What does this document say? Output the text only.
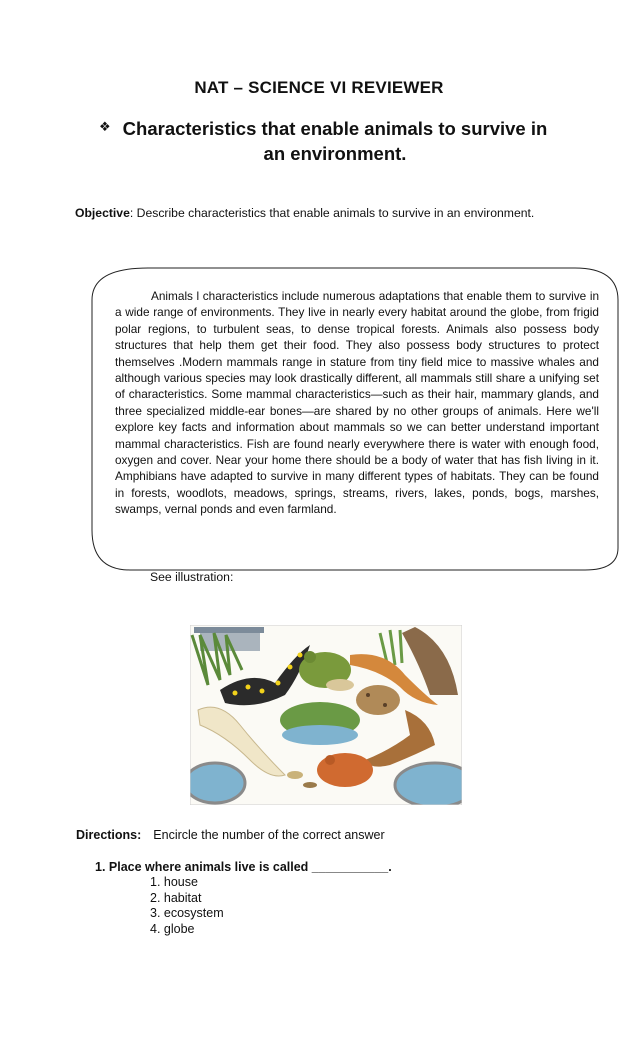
NAT – SCIENCE VI REVIEWER
❖ Characteristics that enable animals to survive in
an environment.
Objective: Describe characteristics that enable animals to survive in an environment.
Animals l characteristics include numerous adaptations that enable them to survive in a wide range of environments. They live in nearly every habitat around the globe, from frigid polar regions, to turbulent seas, to dense tropical forests. Animals also possess body structures that help them get their food. They also possess body structures to protect themselves .Modern mammals range in stature from tiny field mice to massive whales and although various species may look drastically different, all mammals still share a unifying set of characteristics. Some mammal characteristics—such as their hair, mammary glands, and three specialized middle-ear bones—are shared by no other groups of animals. Here we'll explore key facts and information about mammals so we can better understand important mammal characteristics. Fish are found nearly everywhere there is water with enough food, oxygen and cover. Near your home there should be a body of water that has fish living in it. Amphibians have adapted to survive in many different types of habitats. They can be found in forests, woodlots, meadows, springs, streams, rivers, lakes, ponds, bogs, marshes, swamps, vernal ponds and even farmland.
See illustration:
Directions: Encircle the number of the correct answer
1. Place where animals live is called ___________.
1. house
2. habitat
3. ecosystem
4. globe
